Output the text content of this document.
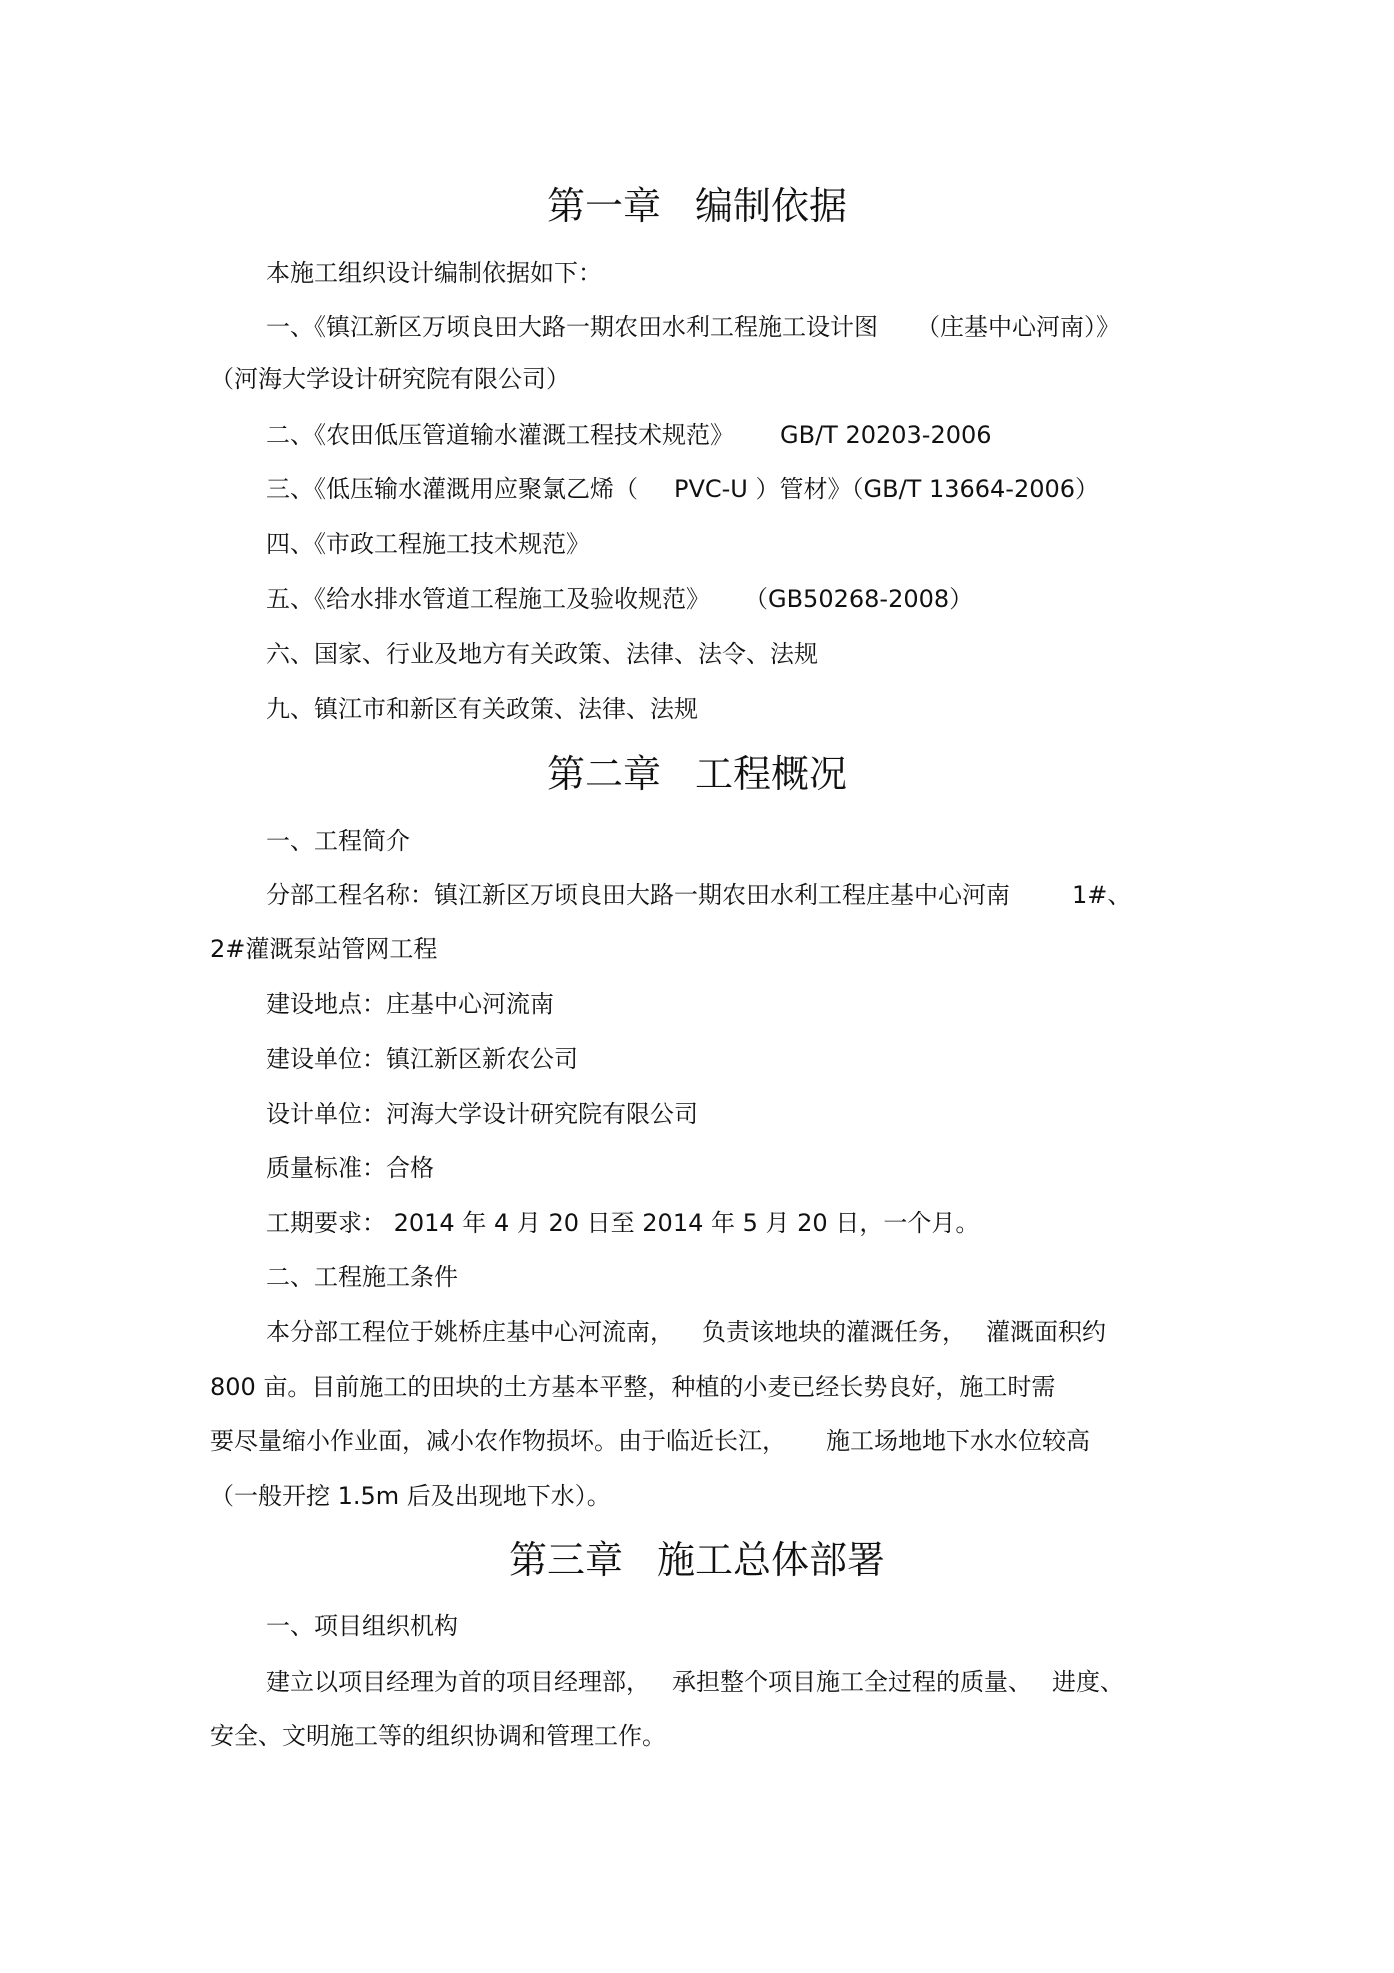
第一章 编制依据

本施工组织设计编制依据如下：

一、《镇江新区万顷良田大路一期农田水利工程施工设计图 （庄基中心河南）》

（河海大学设计研究院有限公司）

二、《农田低压管道输水灌溉工程技术规范》 GB/T 20203-2006

三、《低压输水灌溉用应聚氯乙烯（ PVC-U ）管材》（GB/T 13664-2006）

四、《市政工程施工技术规范》

五、《给水排水管道工程施工及验收规范》 （GB50268-2008）

六、国家、行业及地方有关政策、法律、法令、法规

九、镇江市和新区有关政策、法律、法规

第二章 工程概况

一、工程简介

分部工程名称：镇江新区万顷良田大路一期农田水利工程庄基中心河南	1#、

2#灌溉泵站管网工程

建设地点：庄基中心河流南

建设单位：镇江新区新农公司

设计单位：河海大学设计研究院有限公司

质量标准：合格

工期要求： 2014 年 4 月 20 日至 2014 年 5 月 20 日，一个月。

二、工程施工条件

本分部工程位于姚桥庄基中心河流南， 负责该地块的灌溉任务， 灌溉面积约

800 亩。目前施工的田块的土方基本平整，种植的小麦已经长势良好，施工时需

要尽量缩小作业面，减小农作物损坏。由于临近长江， 施工场地地下水水位较高

（一般开挖 1.5m 后及出现地下水）。

第三章 施工总体部署

一、项目组织机构

建立以项目经理为首的项目经理部， 承担整个项目施工全过程的质量、 进度、

安全、文明施工等的组织协调和管理工作。
